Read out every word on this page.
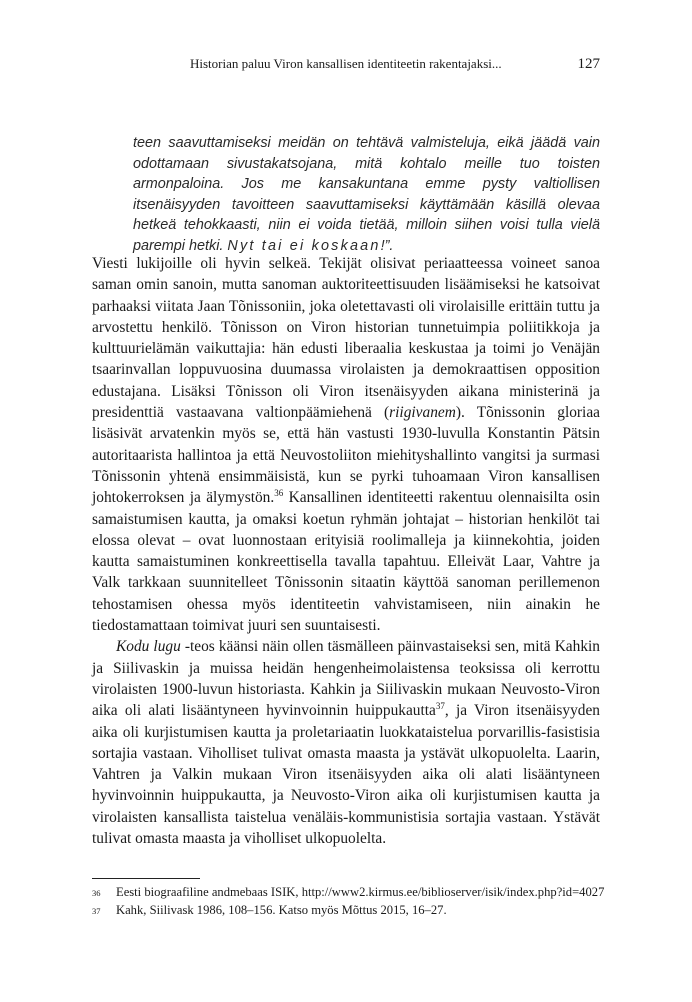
Historian paluu Viron kansallisen identiteetin rakentajaksi...	127
teen saavuttamiseksi meidän on tehtävä valmisteluja, eikä jäädä vain odottamaan sivustakatsojana, mitä kohtalo meille tuo toisten armonpaloina. Jos me kansakuntana emme pysty valtiollisen itsenäisyyden tavoitteen saavuttamiseksi käyttämään käsillä olevaa hetkeä tehokkaasti, niin ei voida tietää, milloin siihen voisi tulla vielä parempi hetki. Nyt tai ei koskaan!”.

Viesti lukijoille oli hyvin selkeä. Tekijät olisivat periaatteessa voineet sanoa saman omin sanoin, mutta sanoman auktoriteettisuuden lisäämiseksi he katsoivat parhaaksi viitata Jaan Tõnissoniin, joka oletettavasti oli virolaisille erittäin tuttu ja arvostettu henkilö. Tõnisson on Viron historian tunnetuimpia poliitikkoja ja kulttuurielämän vaikuttajia: hän edusti liberaalia keskustaa ja toimi jo Venäjän tsaarinvallan loppuvuosina duumassa virolaisten ja demokraattisen opposition edustajana. Lisäksi Tõnisson oli Viron itsenäisyyden aikana ministerinä ja presidenttiä vastaavana valtionpäämiehenä (riigivanem). Tõnissonin gloriaa lisäsivät arvatenkin myös se, että hän vastusti 1930-luvulla Konstantin Pätsin autoritaarista hallintoa ja että Neuvostoliiton miehityshallinto vangitsi ja surmasi Tõnissonin yhtenä ensimmäisistä, kun se pyrki tuhoamaan Viron kansallisen johtokerroksen ja älymystön.$^{36}$ Kansallinen identiteetti rakentuu olennaisilta osin samaistumisen kautta, ja omaksi koetun ryhmän johtajat – historian henkilöt tai elossa olevat – ovat luonnostaan erityisiä roolimalleja ja kiinnekohtia, joiden kautta samaistuminen konkreettisella tavalla tapahtuu. Elleivät Laar, Vahtre ja Valk tarkkaan suunnitelleet Tõnissonin sitaatin käyttöä sanoman perillemenon tehostamisen ohessa myös identiteetin vahvistamiseen, niin ainakin he tiedostamattaan toimivat juuri sen suuntaisesti.

Kodu lugu -teos käänsi näin ollen täsmälleen päinvastaiseksi sen, mitä Kahkin ja Siilivaskin ja muissa heidän hengenheimolaistensa teoksissa oli kerrottu virolaisten 1900-luvun historiasta. Kahkin ja Siilivaskin mukaan Neuvosto-Viron aika oli alati lisääntyneen hyvinvoinnin huippukautta$^{37}$, ja Viron itsenäisyyden aika oli kurjistumisen kautta ja proletariaatin luokkataistelua porvarillis-fasistisia sortajia vastaan. Viholliset tulivat omasta maasta ja ystävät ulkopuolelta. Laarin, Vahtren ja Valkin mukaan Viron itsenäisyyden aika oli alati lisääntyneen hyvinvoinnin huippukautta, ja Neuvosto-Viron aika oli kurjistumisen kautta ja virolaisten kansallista taistelua venäläis-kommunistisia sortajia vastaan. Ystävät tulivat omasta maasta ja viholliset ulkopuolelta.

36	Eesti biograafiline andmebaas ISIK, http://www2.kirmus.ee/biblioserver/isik/index.php?id=4027
37	Kahk, Siilivask 1986, 108–156. Katso myös Mõttus 2015, 16–27.
